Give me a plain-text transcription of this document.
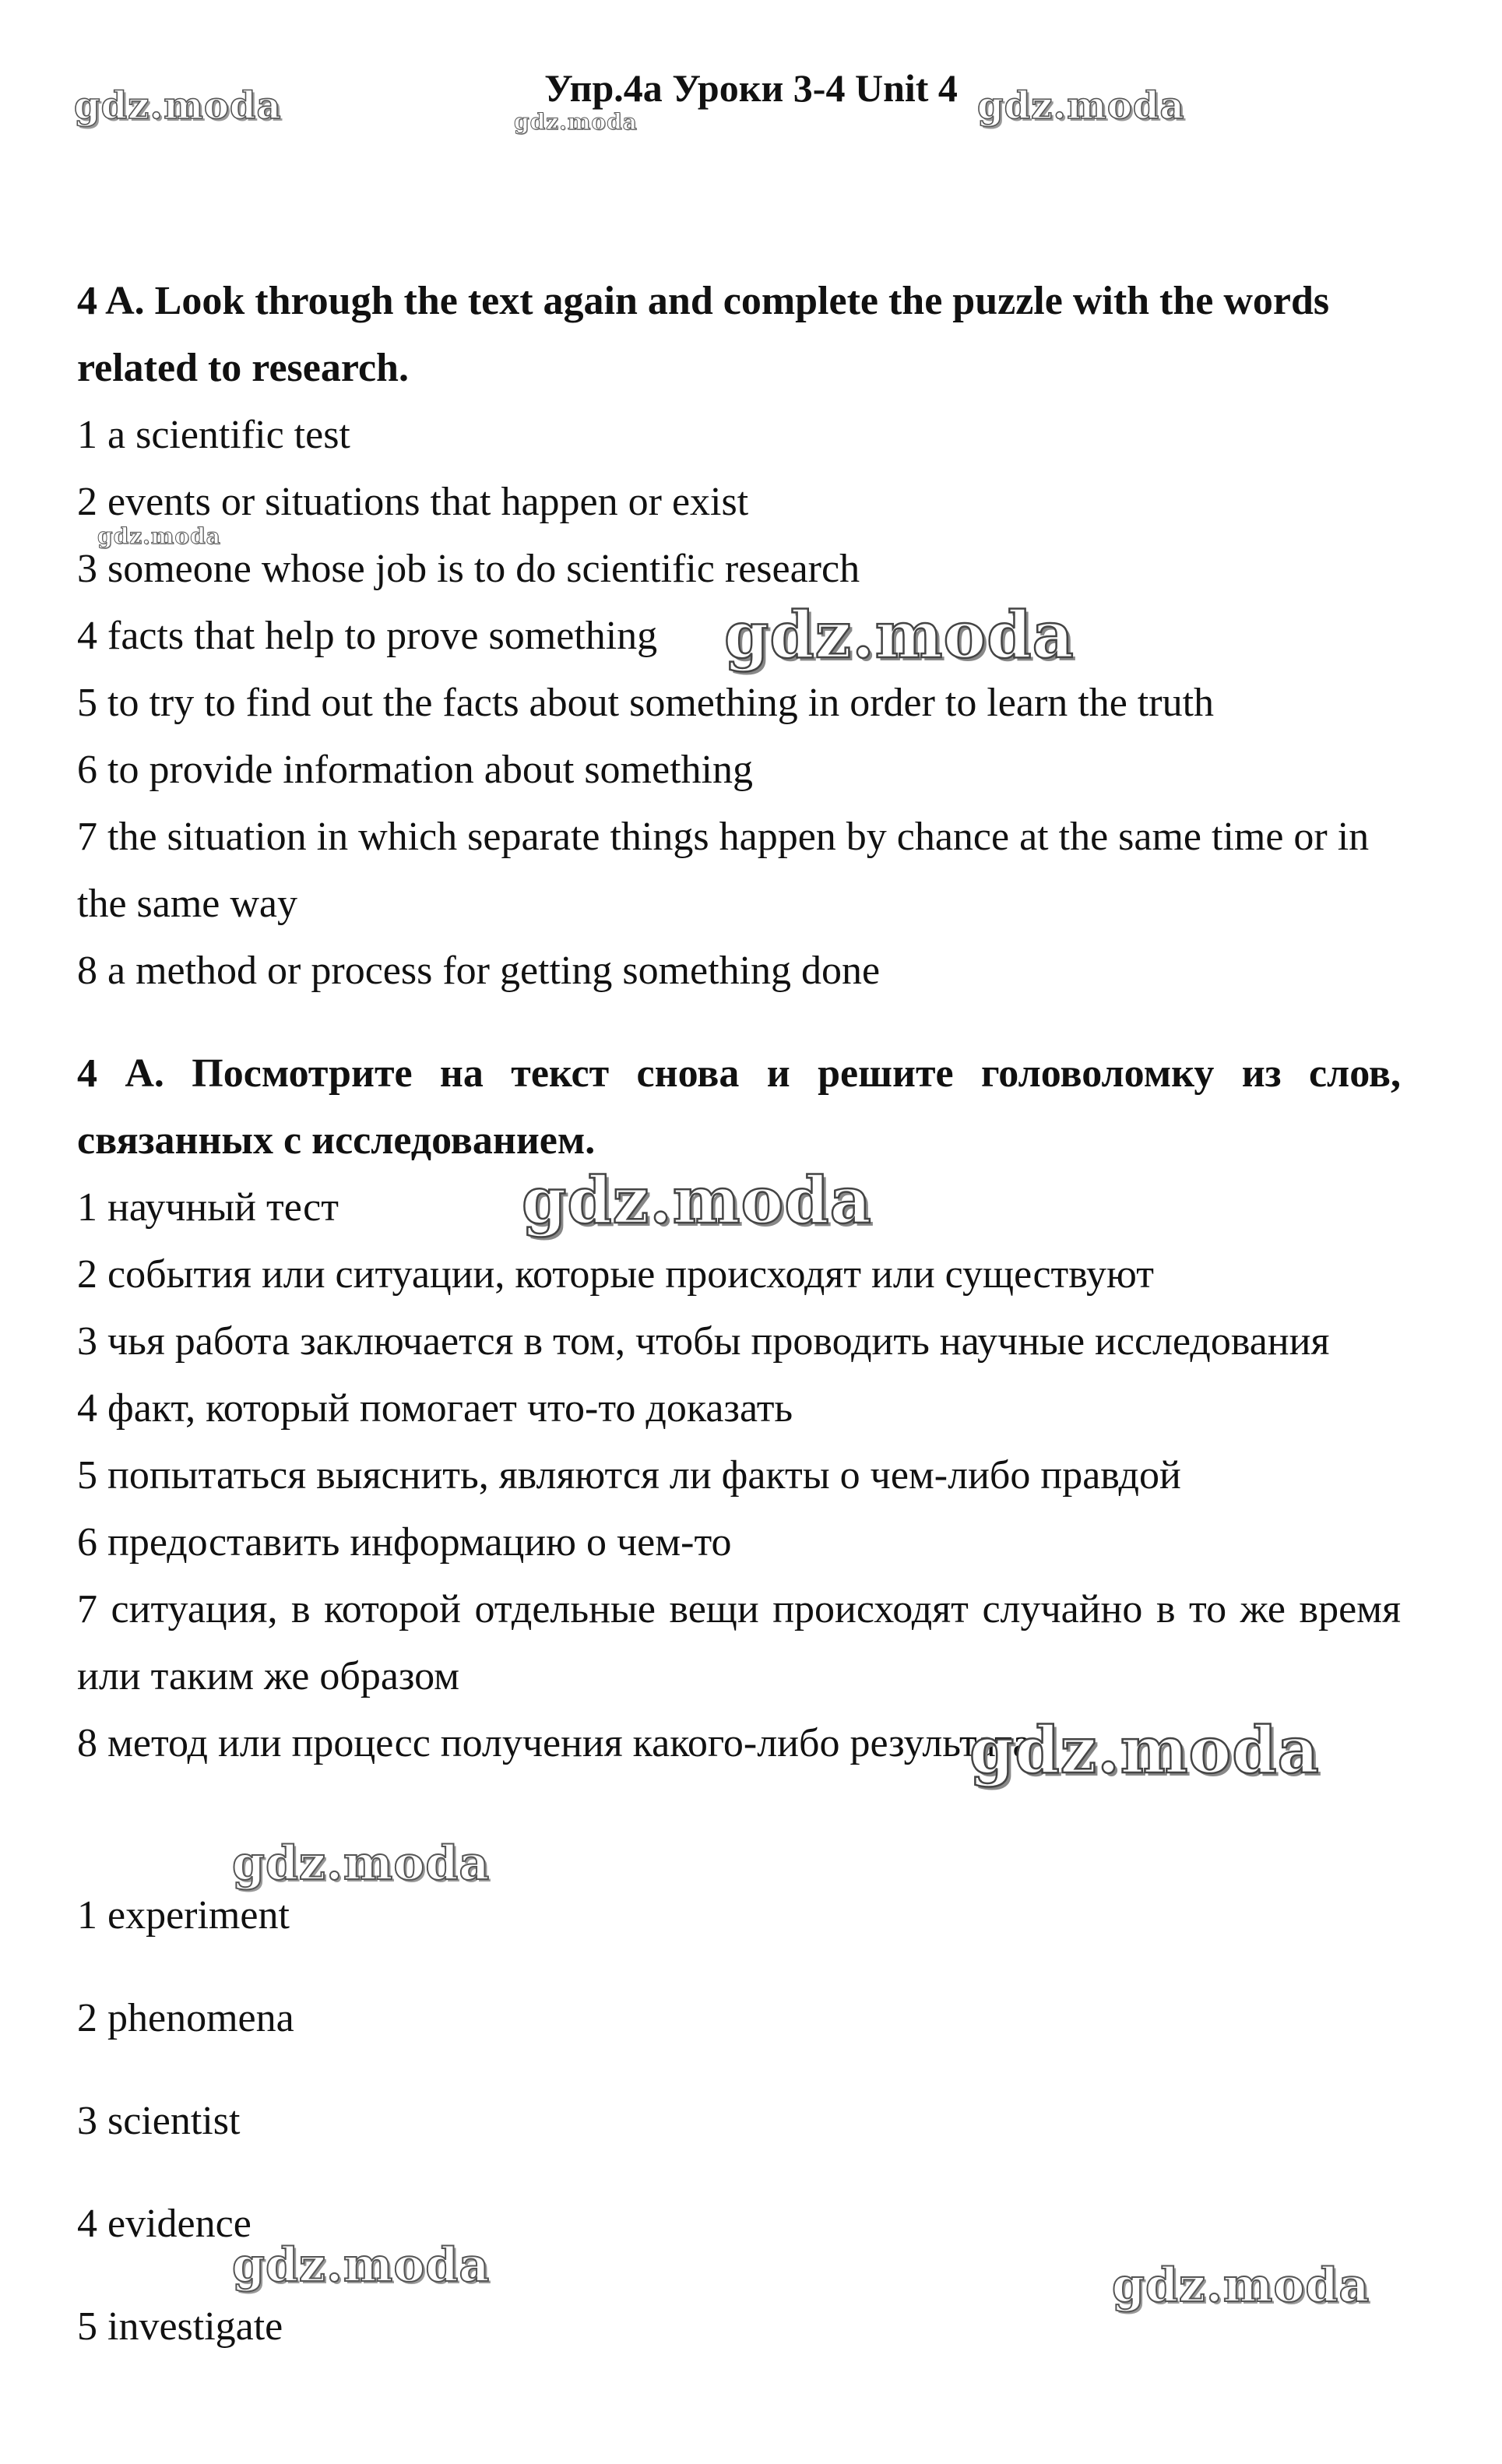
Упр.4а Уроки 3-4 Unit 4

4 A. Look through the text again and complete the puzzle with the words related to research.

1 a scientific test

2 events or situations that happen or exist

3 someone whose job is to do scientific research

4 facts that help to prove something

5 to try to find out the facts about something in order to learn the truth

6 to provide information about something

7 the situation in which separate things happen by chance at the same time or in the same way

8 a method or process for getting something done

4 А. Посмотрите на текст снова и решите головоломку из слов, связанных с исследованием.

1 научный тест

2 события или ситуации, которые происходят или существуют

3 чья работа заключается в том, чтобы проводить научные исследования

4 факт, который помогает что-то доказать

5 попытаться выяснить, являются ли факты о чем-либо правдой

6 предоставить информацию о чем-то

7 ситуация, в которой отдельные вещи происходят случайно в то же время или таким же образом

8 метод или процесс получения какого-либо результата

1 experiment

2 phenomena

3 scientist

4 evidence

5 investigate

gdz.moda	gdz.moda	gdz.moda
gdz.moda
gdz.moda
gdz.moda
gdz.moda
gdz.moda
gdz.moda	gdz.moda
